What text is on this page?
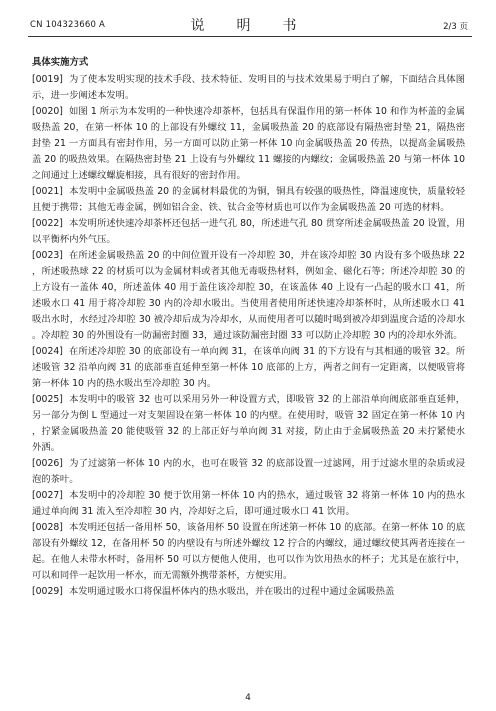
CN 104323660 A	说　明　书	2/3 页
具体实施方式

[0019] 为了使本发明实现的技术手段、技术特征、发明目的与技术效果易于明白了解，下面结合具体图示，进一步阐述本发明。

[0020] 如图 1 所示为本发明的一种快速冷却茶杯，包括具有保温作用的第一杯体 10 和作为杯盖的金属吸热盖 20，在第一杯体 10 的上部设有外螺纹 11，金属吸热盖 20 的底部设有隔热密封垫 21，隔热密封垫 21 一方面具有密封作用，另一方面可以防止第一杯体 10 向金属吸热盖 20 传热，以提高金属吸热盖 20 的吸热效果。在隔热密封垫 21 上设有与外螺纹 11 螺接的内螺纹；金属吸热盖 20 与第一杯体 10 之间通过上述螺纹螺旋相接，具有很好的密封作用。

[0021] 本发明中金属吸热盖 20 的金属材料最优的为铜，铜具有较强的吸热性，降温速度快，质量较轻且便于携带；其他无毒金属，例如铝合金、铁、钛合金等材质也可以作为金属吸热盖 20 可选的材料。

[0022] 本发明所述快速冷却茶杯还包括一进气孔 80，所述进气孔 80 贯穿所述金属吸热盖 20 设置，用以平衡杯内外气压。

[0023] 在所述金属吸热盖 20 的中间位置开设有一冷却腔 30，并在该冷却腔 30 内设有多个吸热球 22，所述吸热球 22 的材质可以为金属材料或者其他无毒吸热材料，例如金、磁化石等；所述冷却腔 30 的上方设有一盖体 40，所述盖体 40 用于盖住该冷却腔 30，在该盖体 40 上设有一凸起的吸水口 41，所述吸水口 41 用于将冷却腔 30 内的冷却水吸出。当使用者使用所述快速冷却茶杯时，从所述吸水口 41 吸出水时，水经过冷却腔 30 被冷却后成为冷却水，从而使用者可以随时喝到被冷却到温度合适的冷却水。冷却腔 30 的外围设有一防漏密封圈 33，通过该防漏密封圈 33 可以防止冷却腔 30 内的冷却水外流。

[0024] 在所述冷却腔 30 的底部设有一单向阀 31，在该单向阀 31 的下方设有与其相通的吸管 32。所述吸管 32 沿单向阀 31 的底部垂直延伸至第一杯体 10 底部的上方，两者之间有一定距离，以便吸管将第一杯体 10 内的热水吸出至冷却腔 30 内。

[0025] 本发明中的吸管 32 也可以采用另外一种设置方式，即吸管 32 的上部沿单向阀底部垂直延伸，另一部分为倒 L 型通过一对支架固设在第一杯体 10 的内壁。在使用时，吸管 32 固定在第一杯体 10 内，拧紧金属吸热盖 20 能使吸管 32 的上部正好与单向阀 31 对接，防止由于金属吸热盖 20 未拧紧使水外洒。

[0026] 为了过滤第一杯体 10 内的水，也可在吸管 32 的底部设置一过滤网，用于过滤水里的杂质或浸泡的茶叶。

[0027] 本发明中的冷却腔 30 便于饮用第一杯体 10 内的热水，通过吸管 32 将第一杯体 10 内的热水通过单向阀 31 流入至冷却腔 30 内，冷却好之后，即可通过吸水口 41 饮用。

[0028] 本发明还包括一备用杯 50，该备用杯 50 设置在所述第一杯体 10 的底部。在第一杯体 10 的底部设有外螺纹 12，在备用杯 50 的内壁设有与所述外螺纹 12 拧合的内螺纹，通过螺纹使其两者连接在一起。在他人未带水杯时，备用杯 50 可以方便他人使用，也可以作为饮用热水的杯子；尤其是在旅行中，可以和同伴一起饮用一杯水，而无需额外携带茶杯，方便实用。

[0029] 本发明通过吸水口将保温杯体内的热水吸出，并在吸出的过程中通过金属吸热盖

4
